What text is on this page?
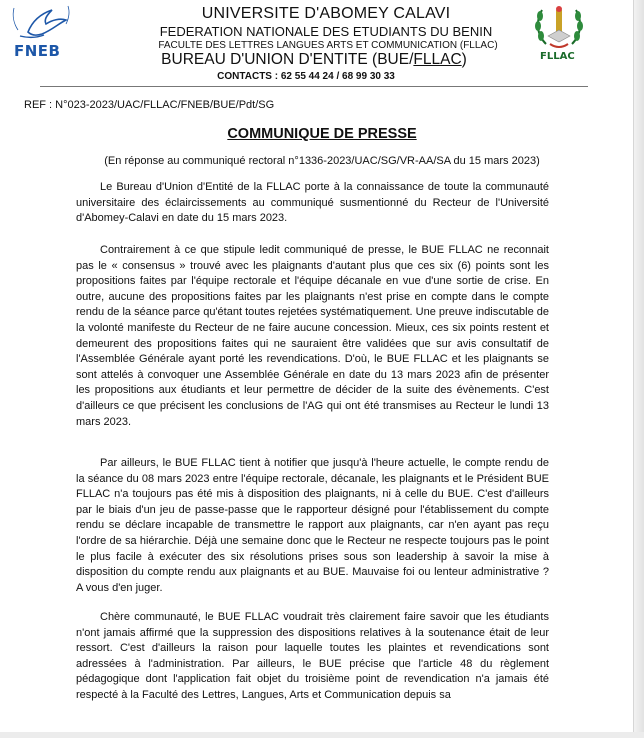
FNEB	FLLAC
UNIVERSITE D'ABOMEY CALAVI
FEDERATION NATIONALE DES ETUDIANTS DU BENIN
FACULTE DES LETTRES LANGUES ARTS ET COMMUNICATION (FLLAC)
BUREAU D'UNION D'ENTITE (BUE/FLLAC)
CONTACTS : 62 55 44 24 / 68 99 30 33
REF : N°023-2023/UAC/FLLAC/FNEB/BUE/Pdt/SG
COMMUNIQUE DE PRESSE
(En réponse au communiqué rectoral n°1336-2023/UAC/SG/VR-AA/SA du 15 mars 2023)
Le Bureau d'Union d'Entité de la FLLAC porte à la connaissance de toute la communauté universitaire des éclaircissements au communiqué susmentionné du Recteur de l'Université d'Abomey-Calavi en date du 15 mars 2023.
Contrairement à ce que stipule ledit communiqué de presse, le BUE FLLAC ne reconnait pas le « consensus » trouvé avec les plaignants d'autant plus que ces six (6) points sont les propositions faites par l'équipe rectorale et l'équipe décanale en vue d'une sortie de crise. En outre, aucune des propositions faites par les plaignants n'est prise en compte dans le compte rendu de la séance parce qu'étant toutes rejetées systématiquement. Une preuve indiscutable de la volonté manifeste du Recteur de ne faire aucune concession. Mieux, ces six points restent et demeurent des propositions faites qui ne sauraient être validées que sur avis consultatif de l'Assemblée Générale ayant porté les revendications. D'où, le BUE FLLAC et les plaignants se sont attelés à convoquer une Assemblée Générale en date du 13 mars 2023 afin de présenter les propositions aux étudiants et leur permettre de décider de la suite des évènements. C'est d'ailleurs ce que précisent les conclusions de l'AG qui ont été transmises au Recteur le lundi 13 mars 2023.
Par ailleurs, le BUE FLLAC tient à notifier que jusqu'à l'heure actuelle, le compte rendu de la séance du 08 mars 2023 entre l'équipe rectorale, décanale, les plaignants et le Président BUE FLLAC n'a toujours pas été mis à disposition des plaignants, ni à celle du BUE. C'est d'ailleurs par le biais d'un jeu de passe-passe que le rapporteur désigné pour l'établissement du compte rendu se déclare incapable de transmettre le rapport aux plaignants, car n'en ayant pas reçu l'ordre de sa hiérarchie. Déjà une semaine donc que le Recteur ne respecte toujours pas le point le plus facile à exécuter des six résolutions prises sous son leadership à savoir la mise à disposition du compte rendu aux plaignants et au BUE. Mauvaise foi ou lenteur administrative ? A vous d'en juger.
Chère communauté, le BUE FLLAC voudrait très clairement faire savoir que les étudiants n'ont jamais affirmé que la suppression des dispositions relatives à la soutenance était de leur ressort. C'est d'ailleurs la raison pour laquelle toutes les plaintes et revendications sont adressées à l'administration. Par ailleurs, le BUE précise que l'article 48 du règlement pédagogique dont l'application fait objet du troisième point de revendication n'a jamais été respecté à la Faculté des Lettres, Langues, Arts et Communication depuis sa
